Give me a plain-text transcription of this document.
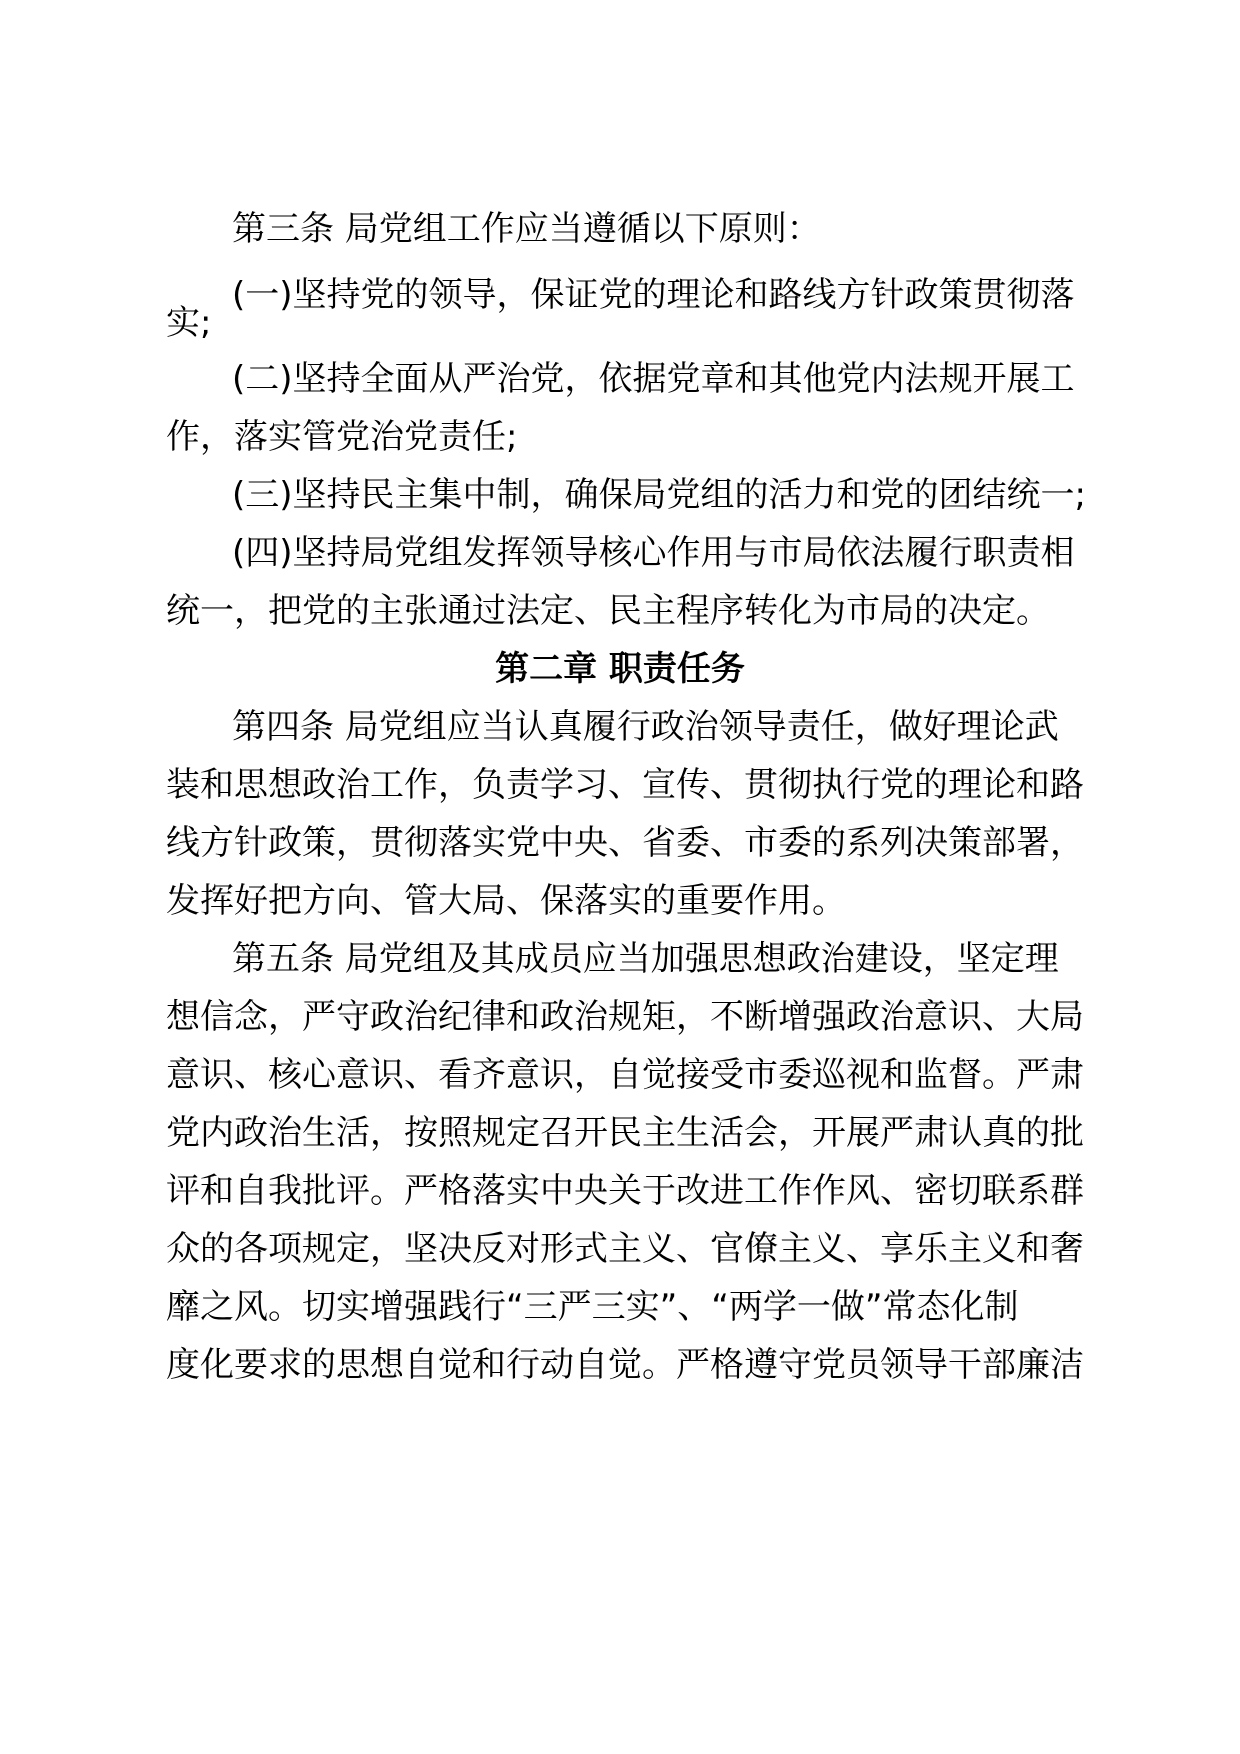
第三条 局党组工作应当遵循以下原则：
(一)坚持党的领导，保证党的理论和路线方针政策贯彻落
实;
(二)坚持全面从严治党，依据党章和其他党内法规开展工
作，落实管党治党责任;
(三)坚持民主集中制，确保局党组的活力和党的团结统一;
(四)坚持局党组发挥领导核心作用与市局依法履行职责相
统一，把党的主张通过法定、民主程序转化为市局的决定。
第二章 职责任务
第四条 局党组应当认真履行政治领导责任，做好理论武
装和思想政治工作，负责学习、宣传、贯彻执行党的理论和路
线方针政策，贯彻落实党中央、省委、市委的系列决策部署，
发挥好把方向、管大局、保落实的重要作用。
第五条 局党组及其成员应当加强思想政治建设，坚定理
想信念，严守政治纪律和政治规矩，不断增强政治意识、大局
意识、核心意识、看齐意识，自觉接受市委巡视和监督。严肃
党内政治生活，按照规定召开民主生活会，开展严肃认真的批
评和自我批评。严格落实中央关于改进工作作风、密切联系群
众的各项规定，坚决反对形式主义、官僚主义、享乐主义和奢
靡之风。切实增强践行“三严三实”、“两学一做”常态化制
度化要求的思想自觉和行动自觉。严格遵守党员领导干部廉洁
